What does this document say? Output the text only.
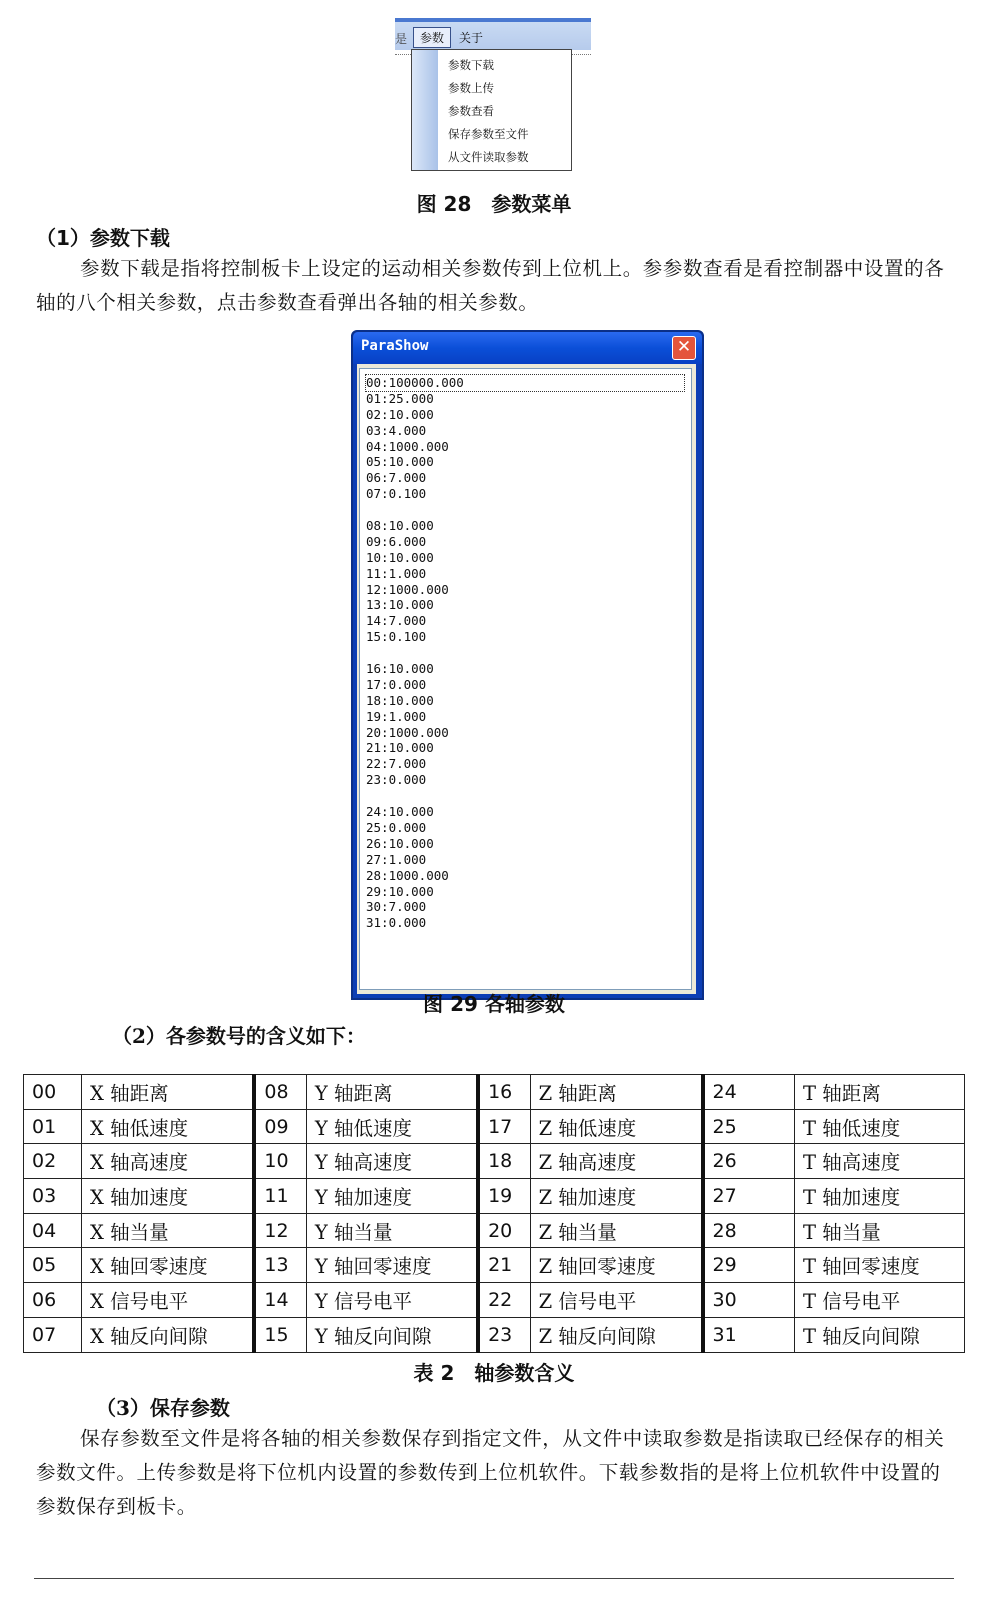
是	参数	关于
参数下载
参数上传
参数查看
保存参数至文件
从文件读取参数
图 28　参数菜单
（1）参数下载
参数下载是指将控制板卡上设定的运动相关参数传到上位机上。参参数查看是看控制器中设置的各轴的八个相关参数，点击参数查看弹出各轴的相关参数。
ParaShow	✕
00:100000.000
01:25.000
02:10.000
03:4.000
04:1000.000
05:10.000
06:7.000
07:0.100
08:10.000
09:6.000
10:10.000
11:1.000
12:1000.000
13:10.000
14:7.000
15:0.100
16:10.000
17:0.000
18:10.000
19:1.000
20:1000.000
21:10.000
22:7.000
23:0.000
24:10.000
25:0.000
26:10.000
27:1.000
28:1000.000
29:10.000
30:7.000
31:0.000
图 29 各轴参数
（2）各参数号的含义如下：
00	X 轴距离	08	Y 轴距离	16	Z 轴距离	24	T 轴距离
01	X 轴低速度	09	Y 轴低速度	17	Z 轴低速度	25	T 轴低速度
02	X 轴高速度	10	Y 轴高速度	18	Z 轴高速度	26	T 轴高速度
03	X 轴加速度	11	Y 轴加速度	19	Z 轴加速度	27	T 轴加速度
04	X 轴当量	12	Y 轴当量	20	Z 轴当量	28	T 轴当量
05	X 轴回零速度	13	Y 轴回零速度	21	Z 轴回零速度	29	T 轴回零速度
06	X 信号电平	14	Y 信号电平	22	Z 信号电平	30	T 信号电平
07	X 轴反向间隙	15	Y 轴反向间隙	23	Z 轴反向间隙	31	T 轴反向间隙
表 2　轴参数含义
（3）保存参数
保存参数至文件是将各轴的相关参数保存到指定文件，从文件中读取参数是指读取已经保存的相关参数文件。上传参数是将下位机内设置的参数传到上位机软件。下载参数指的是将上位机软件中设置的参数保存到板卡。
